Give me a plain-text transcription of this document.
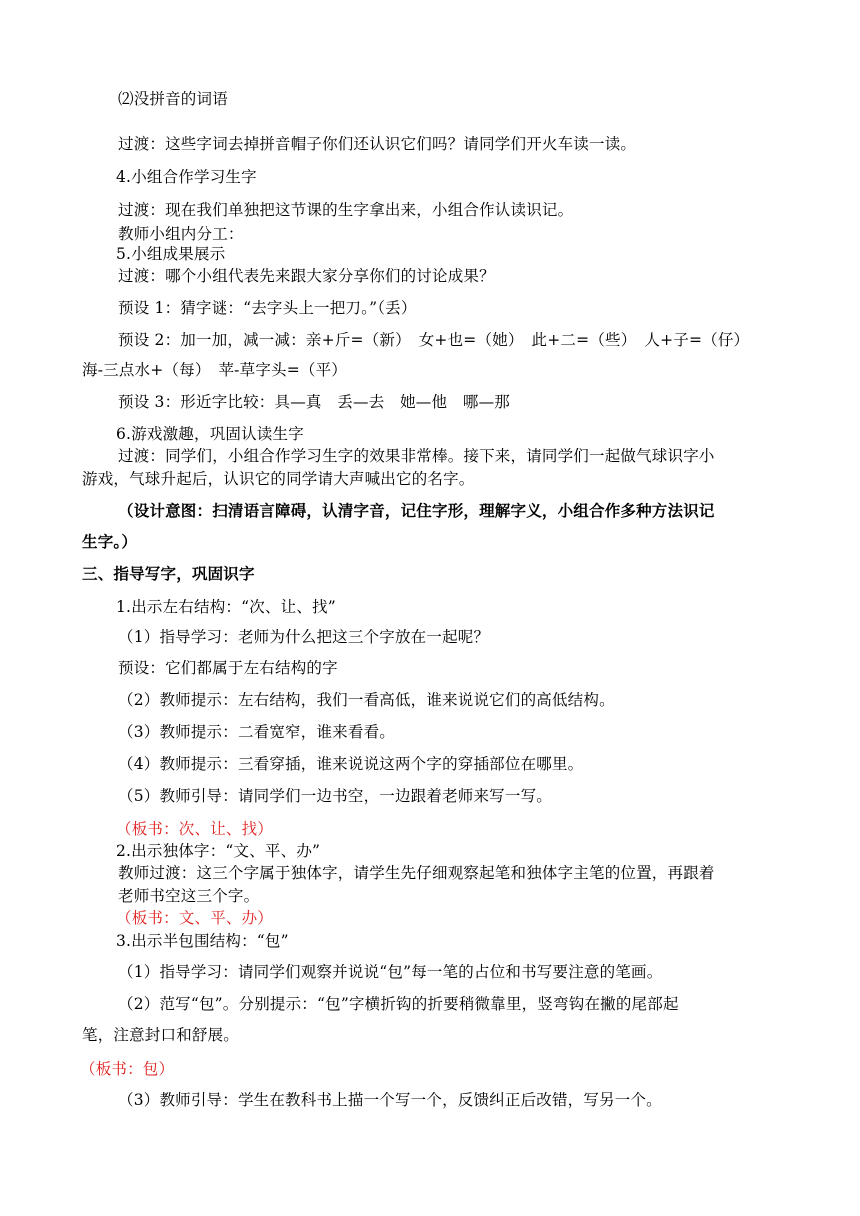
⑵没拼音的词语
过渡：这些字词去掉拼音帽子你们还认识它们吗？请同学们开火车读一读。
4.小组合作学习生字
过渡：现在我们单独把这节课的生字拿出来，小组合作认读识记。
教师小组内分工：
5.小组成果展示
过渡：哪个小组代表先来跟大家分享你们的讨论成果？
预设 1：猜字谜：“去字头上一把刀。”（丢）
预设 2：加一加，减一减：亲+斤=（新）　女+也=（她）　此+二=（些）　人+子=（仔）
海-三点水+（每）　苹-草字头=（平）
预设 3：形近字比较：具—真　丢—去　她—他　哪—那
6.游戏激趣，巩固认读生字
过渡：同学们，小组合作学习生字的效果非常棒。接下来，请同学们一起做气球识字小
游戏，气球升起后，认识它的同学请大声喊出它的名字。
（设计意图：扫清语言障碍，认清字音，记住字形，理解字义，小组合作多种方法识记
生字。）
三、指导写字，巩固识字
1.出示左右结构：“次、让、找”
（1）指导学习：老师为什么把这三个字放在一起呢？
预设：它们都属于左右结构的字
（2）教师提示：左右结构，我们一看高低，谁来说说它们的高低结构。
（3）教师提示：二看宽窄，谁来看看。
（4）教师提示：三看穿插，谁来说说这两个字的穿插部位在哪里。
（5）教师引导：请同学们一边书空，一边跟着老师来写一写。
（板书：次、让、找）
2.出示独体字：“文、平、办”
教师过渡：这三个字属于独体字，请学生先仔细观察起笔和独体字主笔的位置，再跟着
老师书空这三个字。
（板书：文、平、办）
3.出示半包围结构：“包”
（1）指导学习：请同学们观察并说说“包”每一笔的占位和书写要注意的笔画。
（2）范写“包”。分别提示：“包”字横折钩的折要稍微靠里，竖弯钩在撇的尾部起
笔，注意封口和舒展。
（板书：包）
（3）教师引导：学生在教科书上描一个写一个，反馈纠正后改错，写另一个。
